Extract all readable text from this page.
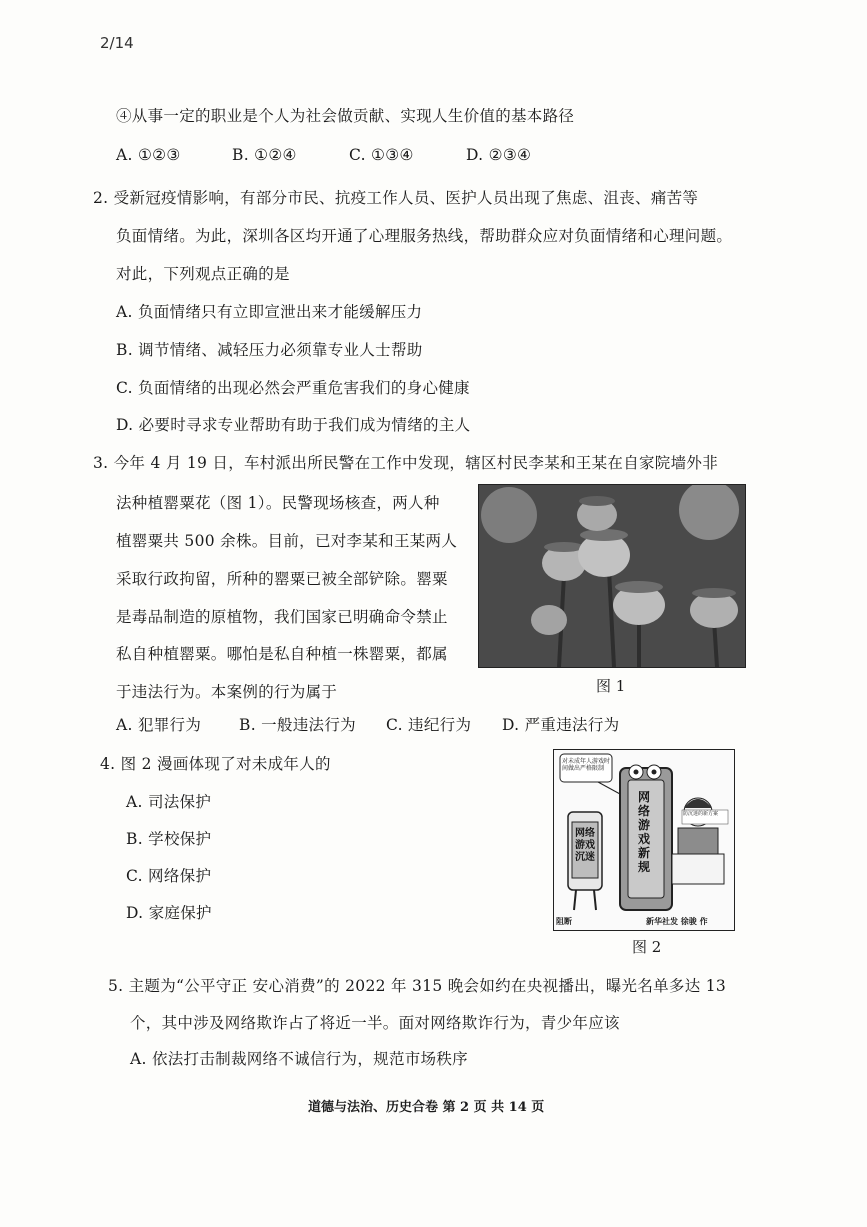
2/14
④从事一定的职业是个人为社会做贡献、实现人生价值的基本路径
A. ①②③	B. ①②④	C. ①③④	D. ②③④
2. 受新冠疫情影响，有部分市民、抗疫工作人员、医护人员出现了焦虑、沮丧、痛苦等
负面情绪。为此，深圳各区均开通了心理服务热线，帮助群众应对负面情绪和心理问题。
对此，下列观点正确的是
A. 负面情绪只有立即宣泄出来才能缓解压力
B. 调节情绪、减轻压力必须靠专业人士帮助
C. 负面情绪的出现必然会严重危害我们的身心健康
D. 必要时寻求专业帮助有助于我们成为情绪的主人
3. 今年 4 月 19 日，车村派出所民警在工作中发现，辖区村民李某和王某在自家院墙外非
法种植罂粟花（图 1）。民警现场核查，两人种
植罂粟共 500 余株。目前，已对李某和王某两人
采取行政拘留，所种的罂粟已被全部铲除。罂粟
是毒品制造的原植物，我们国家已明确命令禁止
私自种植罂粟。哪怕是私自种植一株罂粟，都属
于违法行为。本案例的行为属于	图 1
A. 犯罪行为 B. 一般违法行为 C. 违纪行为 D. 严重违法行为
4. 图 2 漫画体现了对未成年人的
A. 司法保护
B. 学校保护
C. 网络保护
D. 家庭保护
对未成年人游戏时间做出严格限制
网络游戏新规
网络游戏沉迷
防沉迷的新方案
阻断	新华社发 徐骏 作
图 2
5. 主题为“公平守正 安心消费”的 2022 年 315 晚会如约在央视播出，曝光名单多达 13
个，其中涉及网络欺诈占了将近一半。面对网络欺诈行为，青少年应该
A. 依法打击制裁网络不诚信行为，规范市场秩序
道德与法治、历史合卷 第 2 页 共 14 页
